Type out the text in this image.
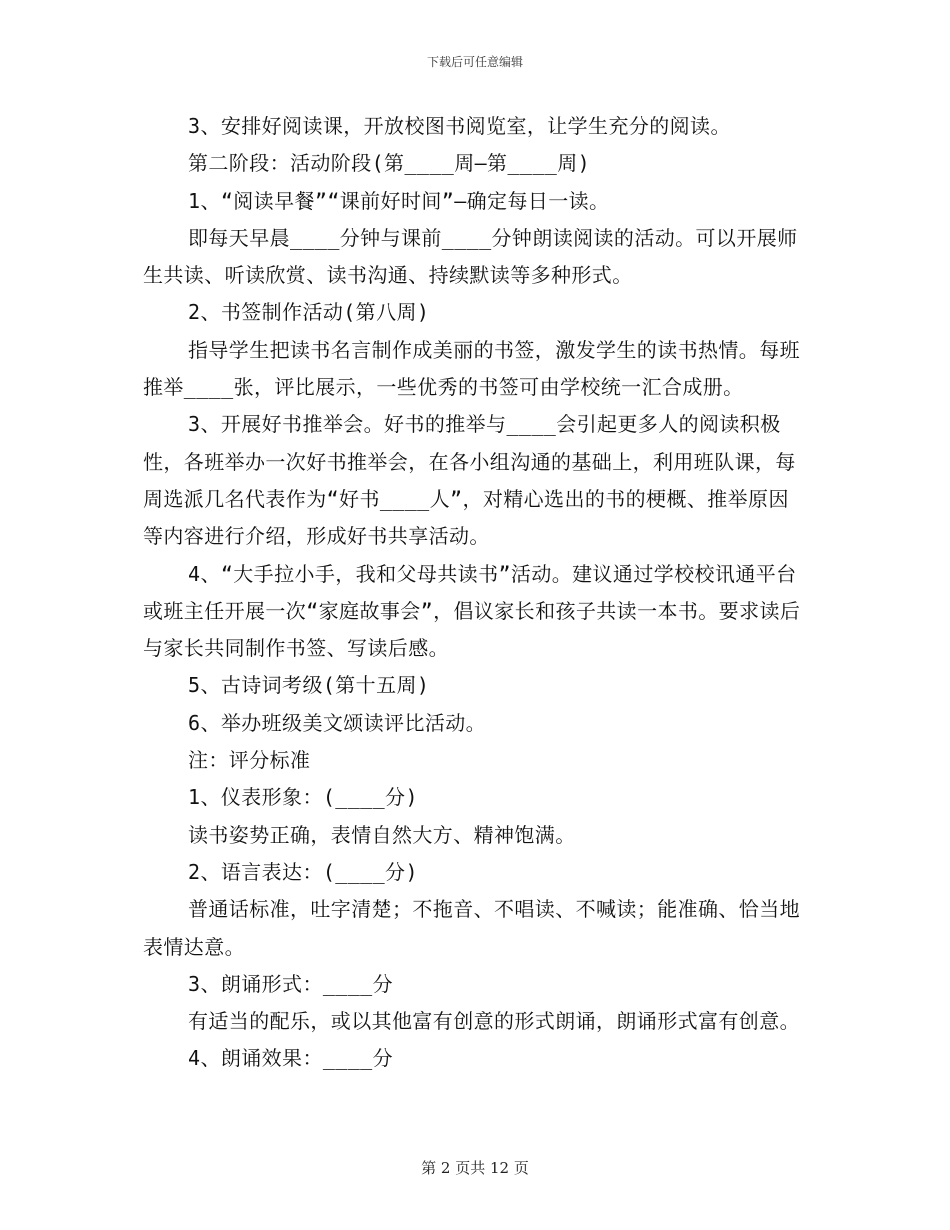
下载后可任意编辑

3、安排好阅读课，开放校图书阅览室，让学生充分的阅读。

第二阶段：活动阶段(第____周—第____周)

1、“阅读早餐”“课前好时间”—确定每日一读。

即每天早晨____分钟与课前____分钟朗读阅读的活动。可以开展师生共读、听读欣赏、读书沟通、持续默读等多种形式。

2、书签制作活动(第八周)

指导学生把读书名言制作成美丽的书签，激发学生的读书热情。每班推举____张，评比展示，一些优秀的书签可由学校统一汇合成册。

3、开展好书推举会。好书的推举与____会引起更多人的阅读积极性，各班举办一次好书推举会，在各小组沟通的基础上，利用班队课，每周选派几名代表作为“好书____人”，对精心选出的书的梗概、推举原因等内容进行介绍，形成好书共享活动。

4、“大手拉小手，我和父母共读书”活动。建议通过学校校讯通平台或班主任开展一次“家庭故事会”，倡议家长和孩子共读一本书。要求读后与家长共同制作书签、写读后感。

5、古诗词考级(第十五周)

6、举办班级美文颂读评比活动。

注：评分标准

1、仪表形象：(____分)

读书姿势正确，表情自然大方、精神饱满。

2、语言表达：(____分)

普通话标准，吐字清楚；不拖音、不唱读、不喊读；能准确、恰当地表情达意。

3、朗诵形式：____分

有适当的配乐，或以其他富有创意的形式朗诵，朗诵形式富有创意。

4、朗诵效果：____分

第 2 页共 12 页
